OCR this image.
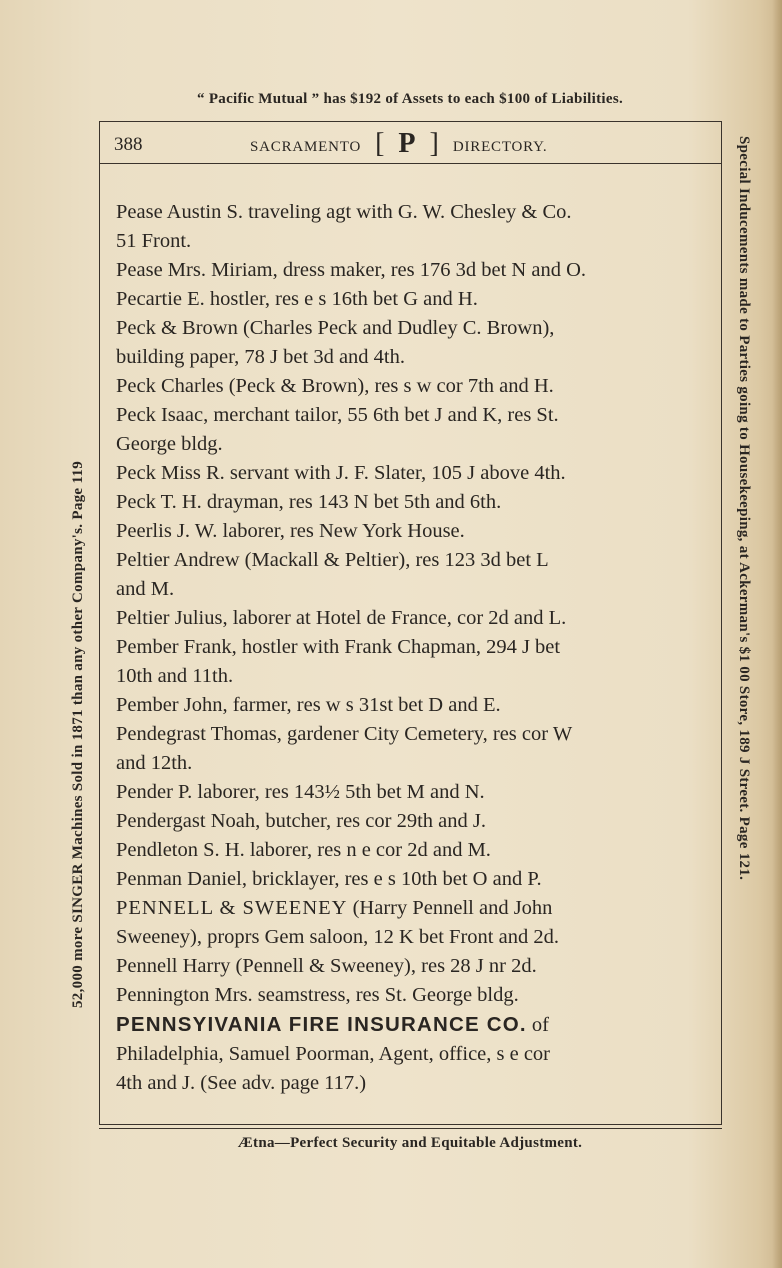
“ Pacific Mutual ” has $192 of Assets to each $100 of Liabilities.
388	SACRAMENTO [ P ] DIRECTORY.
Pease Austin S. traveling agt with G. W. Chesley & Co.
51 Front.
Pease Mrs. Miriam, dress maker, res 176 3d bet N and O.
Pecartie E. hostler, res e s 16th bet G and H.
Peck & Brown (Charles Peck and Dudley C. Brown),
building paper, 78 J bet 3d and 4th.
Peck Charles (Peck & Brown), res s w cor 7th and H.
Peck Isaac, merchant tailor, 55 6th bet J and K, res St.
George bldg.
Peck Miss R. servant with J. F. Slater, 105 J above 4th.
Peck T. H. drayman, res 143 N bet 5th and 6th.
Peerlis J. W. laborer, res New York House.
Peltier Andrew (Mackall & Peltier), res 123 3d bet L
and M.
Peltier Julius, laborer at Hotel de France, cor 2d and L.
Pember Frank, hostler with Frank Chapman, 294 J bet
10th and 11th.
Pember John, farmer, res w s 31st bet D and E.
Pendegrast Thomas, gardener City Cemetery, res cor W
and 12th.
Pender P. laborer, res 143½ 5th bet M and N.
Pendergast Noah, butcher, res cor 29th and J.
Pendleton S. H. laborer, res n e cor 2d and M.
Penman Daniel, bricklayer, res e s 10th bet O and P.
PENNELL & SWEENEY (Harry Pennell and John
Sweeney), proprs Gem saloon, 12 K bet Front and 2d.
Pennell Harry (Pennell & Sweeney), res 28 J nr 2d.
Pennington Mrs. seamstress, res St. George bldg.
PENNSYIVANIA FIRE INSURANCE CO. of
Philadelphia, Samuel Poorman, Agent, office, s e cor
4th and J. (See adv. page 117.)
Ætna—Perfect Security and Equitable Adjustment.
52,000 more SINGER Machines Sold in 1871 than any other Company's. Page 119	Special Inducements made to Parties going to Housekeeping, at Ackerman's $1 00 Store, 189 J Street. Page 121.
